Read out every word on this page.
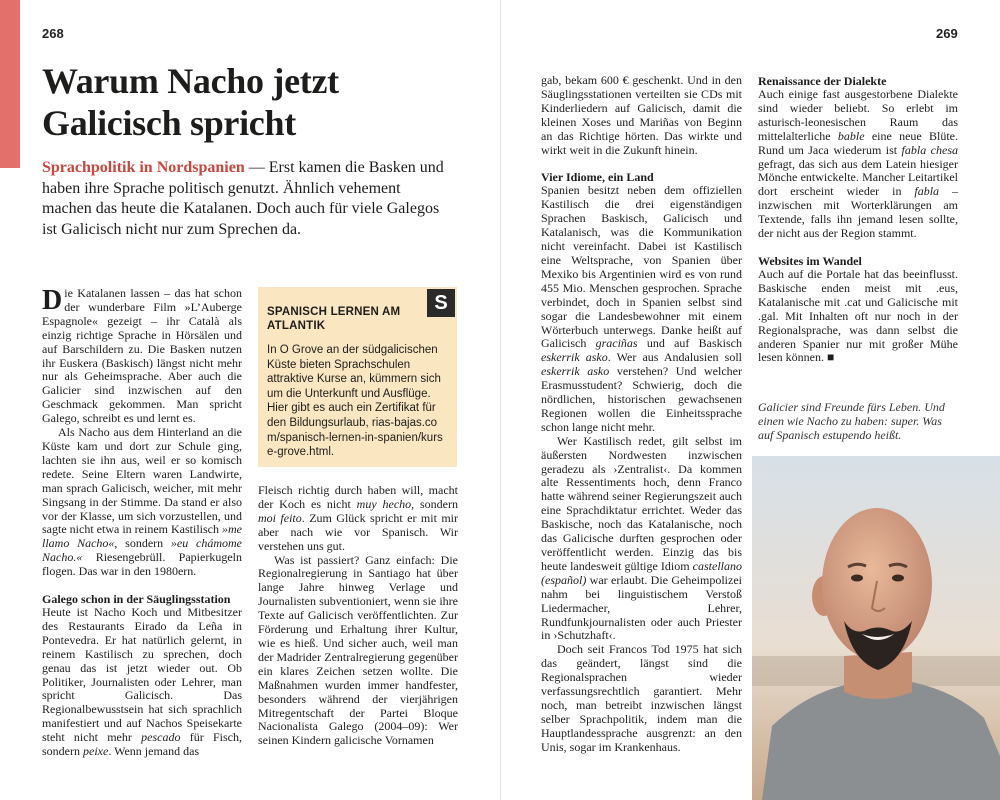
268	269
Warum Nacho jetzt
Galicisch spricht

Sprachpolitik in Nordspanien — Erst kamen die Basken und haben ihre Sprache politisch genutzt. Ähnlich vehement machen das heute die Katalanen. Doch auch für viele Galegos ist Galicisch nicht nur zum Sprechen da.

Die Katalanen lassen – das hat schon der wunderbare Film »L’Auberge Espagnole« gezeigt – ihr Català als einzig richtige Sprache in Hörsälen und auf Barschildern zu. Die Basken nutzen ihr Euskera (Baskisch) längst nicht mehr nur als Geheimsprache. Aber auch die Galicier sind inzwischen auf den Geschmack gekommen. Man spricht Galego, schreibt es und lernt es.

Als Nacho aus dem Hinterland an die Küste kam und dort zur Schule ging, lachten sie ihn aus, weil er so komisch redete. Seine Eltern waren Landwirte, man sprach Galicisch, weicher, mit mehr Singsang in der Stimme. Da stand er also vor der Klasse, um sich vorzustellen, und sagte nicht etwa in reinem Kastilisch »me llamo Nacho«, sondern »eu chámome Nacho.« Riesengebrüll. Papierkugeln flogen. Das war in den 1980ern.

Galego schon in der Säuglingsstation

Heute ist Nacho Koch und Mitbesitzer des Restaurants Eirado da Leña in Pontevedra. Er hat natürlich gelernt, in reinem Kastilisch zu sprechen, doch genau das ist jetzt wieder out. Ob Politiker, Journalisten oder Lehrer, man spricht Galicisch. Das Regionalbewusstsein hat sich sprachlich manifestiert und auf Nachos Speisekarte steht nicht mehr pescado für Fisch, sondern peixe. Wenn jemand das

S
SPANISCH LERNEN AM ATLANTIK

In O Grove an der südgalicischen Küste bieten Sprachschulen attraktive Kurse an, kümmern sich um die Unterkunft und Ausflüge. Hier gibt es auch ein Zertifikat für den Bildungsurlaub, rias-bajas.com/spanisch-lernen-in-spanien/kurse-grove.html.

Fleisch richtig durch haben will, macht der Koch es nicht muy hecho, sondern moi feito. Zum Glück spricht er mit mir aber nach wie vor Spanisch. Wir verstehen uns gut.

Was ist passiert? Ganz einfach: Die Regionalregierung in Santiago hat über lange Jahre hinweg Verlage und Journalisten subventioniert, wenn sie ihre Texte auf Galicisch veröffentlichten. Zur Förderung und Erhaltung ihrer Kultur, wie es hieß. Und sicher auch, weil man der Madrider Zentralregierung gegenüber ein klares Zeichen setzen wollte. Die Maßnahmen wurden immer handfester, besonders während der vierjährigen Mitregentschaft der Partei Bloque Nacionalista Galego (2004–09): Wer seinen Kindern galicische Vornamen

gab, bekam 600 € geschenkt. Und in den Säuglingsstationen verteilten sie CDs mit Kinderliedern auf Galicisch, damit die kleinen Xoses und Mariñas von Beginn an das Richtige hörten. Das wirkte und wirkt weit in die Zukunft hinein.

Vier Idiome, ein Land

Spanien besitzt neben dem offiziellen Kastilisch die drei eigenständigen Sprachen Baskisch, Galicisch und Katalanisch, was die Kommunikation nicht vereinfacht. Dabei ist Kastilisch eine Weltsprache, von Spanien über Mexiko bis Argentinien wird es von rund 455 Mio. Menschen gesprochen. Sprache verbindet, doch in Spanien selbst sind sogar die Landesbewohner mit einem Wörterbuch unterwegs. Danke heißt auf Galicisch graciñas und auf Baskisch eskerrik asko. Wer aus Andalusien soll eskerrik asko verstehen? Und welcher Erasmusstudent? Schwierig, doch die nördlichen, historischen gewachsenen Regionen wollen die Einheitssprache schon lange nicht mehr.

Wer Kastilisch redet, gilt selbst im äußersten Nordwesten inzwischen geradezu als ›Zentralist‹. Da kommen alte Ressentiments hoch, denn Franco hatte während seiner Regierungszeit auch eine Sprachdiktatur errichtet. Weder das Baskische, noch das Katalanische, noch das Galicische durften gesprochen oder veröffentlicht werden. Einzig das bis heute landesweit gültige Idiom castellano (español) war erlaubt. Die Geheimpolizei nahm bei linguistischem Verstoß Liedermacher, Lehrer, Rundfunkjournalisten oder auch Priester in ›Schutzhaft‹.

Doch seit Francos Tod 1975 hat sich das geändert, längst sind die Regionalsprachen wieder verfassungsrechtlich garantiert. Mehr noch, man betreibt inzwischen längst selber Sprachpolitik, indem man die Hauptlandessprache ausgrenzt: an den Unis, sogar im Krankenhaus.

Renaissance der Dialekte

Auch einige fast ausgestorbene Dialekte sind wieder beliebt. So erlebt im asturisch-leonesischen Raum das mittelalterliche bable eine neue Blüte. Rund um Jaca wiederum ist fabla chesa gefragt, das sich aus dem Latein hiesiger Mönche entwickelte. Mancher Leitartikel dort erscheint wieder in fabla – inzwischen mit Worterklärungen am Textende, falls ihn jemand lesen sollte, der nicht aus der Region stammt.

Websites im Wandel

Auch auf die Portale hat das beeinflusst. Baskische enden meist mit .eus, Katalanische mit .cat und Galicische mit .gal. Mit Inhalten oft nur noch in der Regionalsprache, was dann selbst die anderen Spanier nur mit großer Mühe lesen können. ■

Galicier sind Freunde fürs Leben. Und einen wie Nacho zu haben: super. Was auf Spanisch estupendo heißt.
